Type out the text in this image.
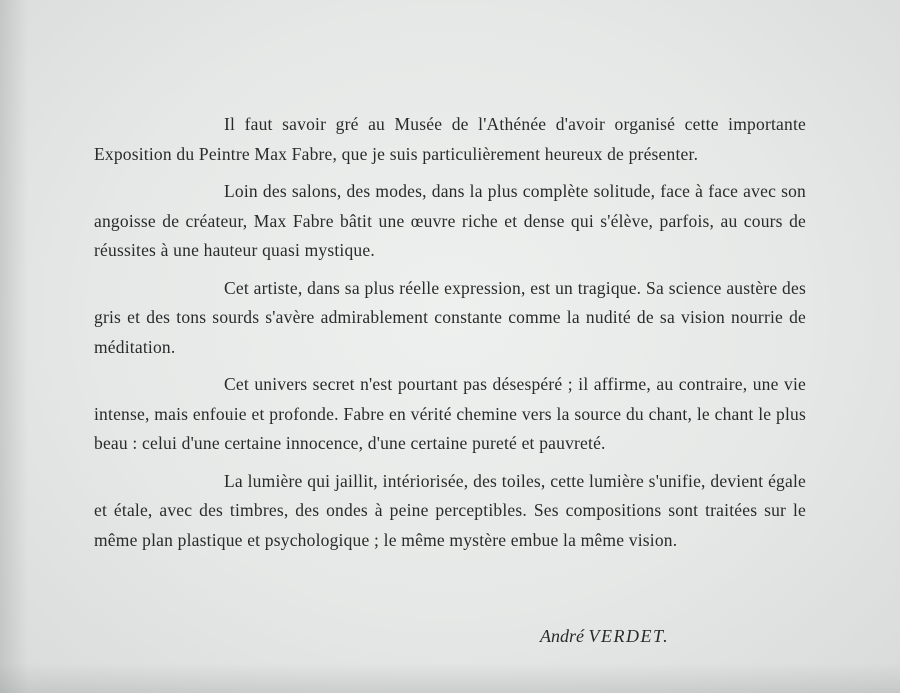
Il faut savoir gré au Musée de l'Athénée d'avoir organisé cette importante Exposition du Peintre Max Fabre, que je suis particulièrement heureux de présenter.

Loin des salons, des modes, dans la plus complète solitude, face à face avec son angoisse de créateur, Max Fabre bâtit une œuvre riche et dense qui s'élève, parfois, au cours de réussites à une hauteur quasi mystique.

Cet artiste, dans sa plus réelle expression, est un tragique. Sa science austère des gris et des tons sourds s'avère admirablement constante comme la nudité de sa vision nourrie de méditation.

Cet univers secret n'est pourtant pas désespéré ; il affirme, au contraire, une vie intense, mais enfouie et profonde. Fabre en vérité chemine vers la source du chant, le chant le plus beau : celui d'une certaine innocence, d'une certaine pureté et pauvreté.

La lumière qui jaillit, intériorisée, des toiles, cette lumière s'unifie, devient égale et étale, avec des timbres, des ondes à peine perceptibles. Ses compositions sont traitées sur le même plan plastique et psychologique ; le même mystère embue la même vision.

André VERDET.
